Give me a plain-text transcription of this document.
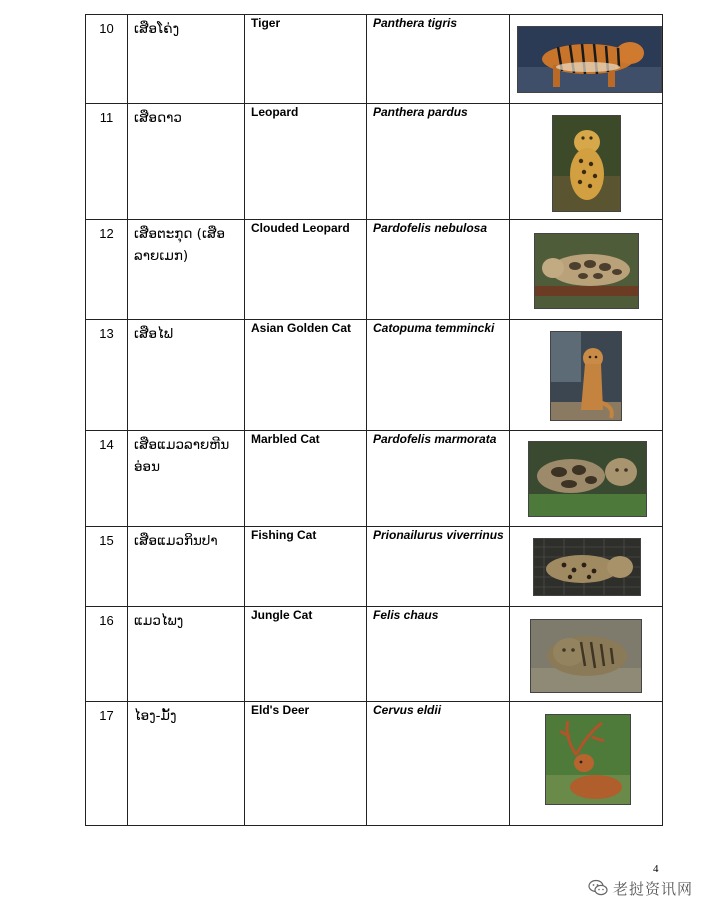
10	ເສືອໂຄ່ງ	Tiger	Panthera tigris	

11	ເສືອດາວ	Leopard	Panthera pardus	

12	ເສືອຕະກຸດ (ເສືອລາຍເມກ)	Clouded Leopard	Pardofelis nebulosa	

13	ເສືອໄຟ	Asian Golden Cat	Catopuma temmincki	

14	ເສືອແມວລາຍຫີນອ່ອນ	Marbled Cat	Pardofelis marmorata	

15	ເສືອແມວກິນປາ	Fishing Cat	Prionailurus viverrinus	

16	ແມວໄພງ	Jungle Cat	Felis chaus	

17	ໄອງ-ມັ້ງ	Eld's Deer	Cervus eldii	
4
老挝资讯网
